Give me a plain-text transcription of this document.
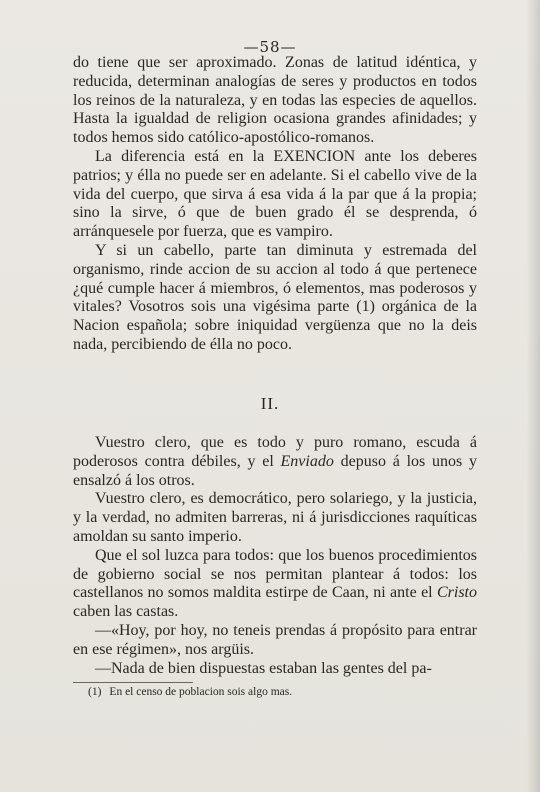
—58—

do tiene que ser aproximado. Zonas de latitud idéntica, y reducida, determinan analogías de seres y productos en todos los reinos de la naturaleza, y en todas las especies de aquellos. Hasta la igualdad de religion ocasiona grandes afinidades; y todos hemos sido católico-apostólico-romanos.

La diferencia está en la EXENCION ante los deberes patrios; y élla no puede ser en adelante. Si el cabello vive de la vida del cuerpo, que sirva á esa vida á la par que á la propia; sino la sirve, ó que de buen grado él se desprenda, ó arránquesele por fuerza, que es vampiro.

Y si un cabello, parte tan diminuta y estremada del organismo, rinde accion de su accion al todo á que pertenece ¿qué cumple hacer á miembros, ó elementos, mas poderosos y vitales? Vosotros sois una vigésima parte (1) orgánica de la Nacion española; sobre iniquidad vergüenza que no la deis nada, percibiendo de élla no poco.

II.

Vuestro clero, que es todo y puro romano, escuda á poderosos contra débiles, y el Enviado depuso á los unos y ensalzó á los otros.

Vuestro clero, es democrático, pero solariego, y la justicia, y la verdad, no admiten barreras, ni á jurisdicciones raquíticas amoldan su santo imperio.

Que el sol luzca para todos: que los buenos procedimientos de gobierno social se nos permitan plantear á todos: los castellanos no somos maldita estirpe de Caan, ni ante el Cristo caben las castas.

—«Hoy, por hoy, no teneis prendas á propósito para entrar en ese régimen», nos argüis.

—Nada de bien dispuestas estaban las gentes del pa-

(1) En el censo de poblacion sois algo mas.
